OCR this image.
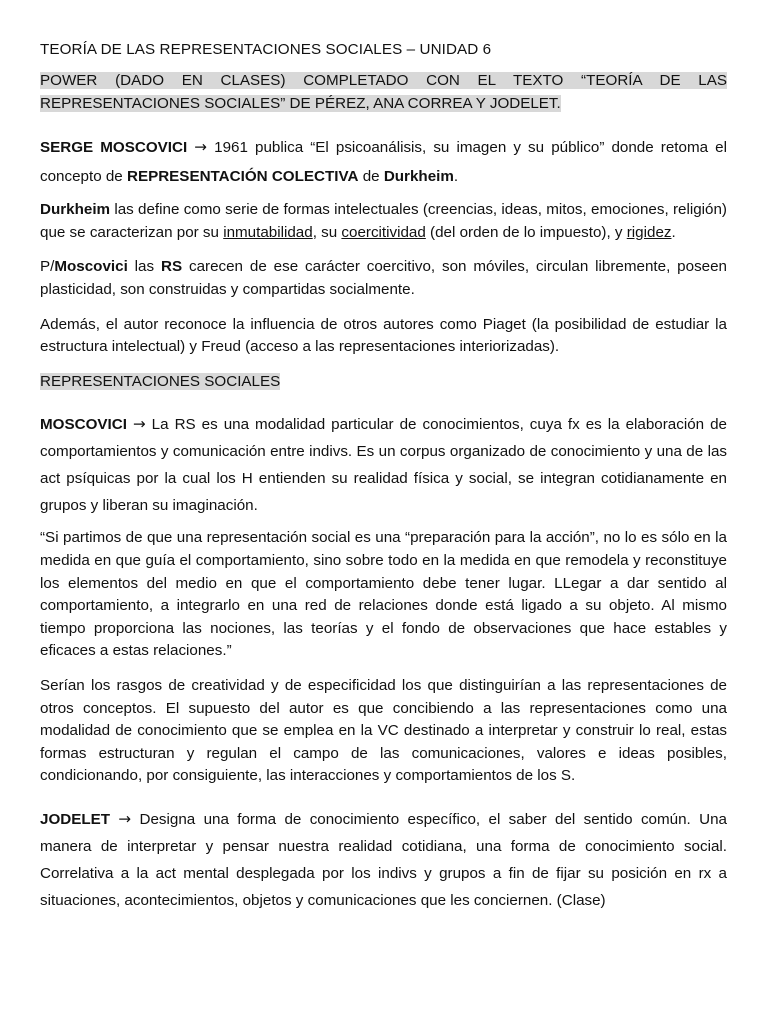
TEORÍA DE LAS REPRESENTACIONES SOCIALES – UNIDAD 6

POWER (DADO EN CLASES) COMPLETADO CON EL TEXTO “TEORÍA DE LAS REPRESENTACIONES SOCIALES” DE PÉREZ, ANA CORREA Y JODELET.

SERGE MOSCOVICI → 1961 publica “El psicoanálisis, su imagen y su público” donde retoma el concepto de REPRESENTACIÓN COLECTIVA de Durkheim.

Durkheim las define como serie de formas intelectuales (creencias, ideas, mitos, emociones, religión) que se caracterizan por su inmutabilidad, su coercitividad (del orden de lo impuesto), y rigidez.

P/Moscovici las RS carecen de ese carácter coercitivo, son móviles, circulan libremente, poseen plasticidad, son construidas y compartidas socialmente.

Además, el autor reconoce la influencia de otros autores como Piaget (la posibilidad de estudiar la estructura intelectual) y Freud (acceso a las representaciones interiorizadas).

REPRESENTACIONES SOCIALES

MOSCOVICI → La RS es una modalidad particular de conocimientos, cuya fx es la elaboración de comportamientos y comunicación entre indivs. Es un corpus organizado de conocimiento y una de las act psíquicas por la cual los H entienden su realidad física y social, se integran cotidianamente en grupos y liberan su imaginación.

“Si partimos de que una representación social es una “preparación para la acción”, no lo es sólo en la medida en que guía el comportamiento, sino sobre todo en la medida en que remodela y reconstituye los elementos del medio en que el comportamiento debe tener lugar. LLegar a dar sentido al comportamiento, a integrarlo en una red de relaciones donde está ligado a su objeto. Al mismo tiempo proporciona las nociones, las teorías y el fondo de observaciones que hace estables y eficaces a estas relaciones.”

Serían los rasgos de creatividad y de especificidad los que distinguirían a las representaciones de otros conceptos. El supuesto del autor es que concibiendo a las representaciones como una modalidad de conocimiento que se emplea en la VC destinado a interpretar y construir lo real, estas formas estructuran y regulan el campo de las comunicaciones, valores e ideas posibles, condicionando, por consiguiente, las interacciones y comportamientos de los S.

JODELET → Designa una forma de conocimiento específico, el saber del sentido común. Una manera de interpretar y pensar nuestra realidad cotidiana, una forma de conocimiento social. Correlativa a la act mental desplegada por los indivs y grupos a fin de fijar su posición en rx a situaciones, acontecimientos, objetos y comunicaciones que les conciernen. (Clase)
